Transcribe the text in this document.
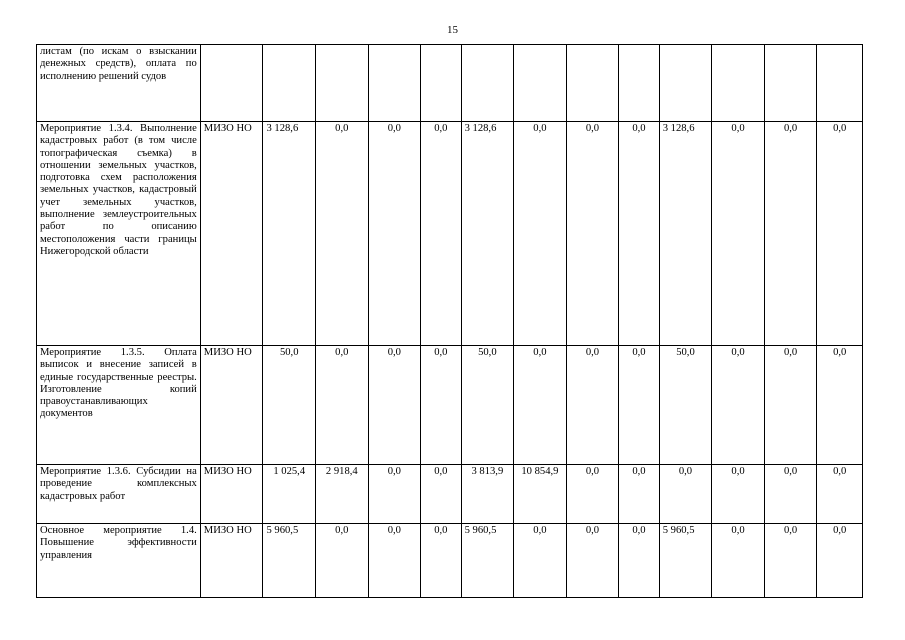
15
листам (по искам о взыскании денежных средств), оплата по исполнению решений судов													
Мероприятие 1.3.4. Выполнение кадастровых работ (в том числе топографическая съемка) в отношении земельных участков, подготовка схем расположения земельных участков, кадастровый учет земельных участков, выполнение землеустроительных работ по описанию местоположения части границы Нижегородской области	МИЗО НО	3 128,6	0,0	0,0	0,0	3 128,6	0,0	0,0	0,0	3 128,6	0,0	0,0	0,0
Мероприятие 1.3.5. Оплата выписок и внесение записей в единые государственные реестры. Изготовление копий правоустанавливающих документов	МИЗО НО	50,0	0,0	0,0	0,0	50,0	0,0	0,0	0,0	50,0	0,0	0,0	0,0
Мероприятие 1.3.6. Субсидии на проведение комплексных кадастровых работ	МИЗО НО	1 025,4	2 918,4	0,0	0,0	3 813,9	10 854,9	0,0	0,0	0,0	0,0	0,0	0,0
Основное мероприятие 1.4. Повышение эффективности управления	МИЗО НО	5 960,5	0,0	0,0	0,0	5 960,5	0,0	0,0	0,0	5 960,5	0,0	0,0	0,0
